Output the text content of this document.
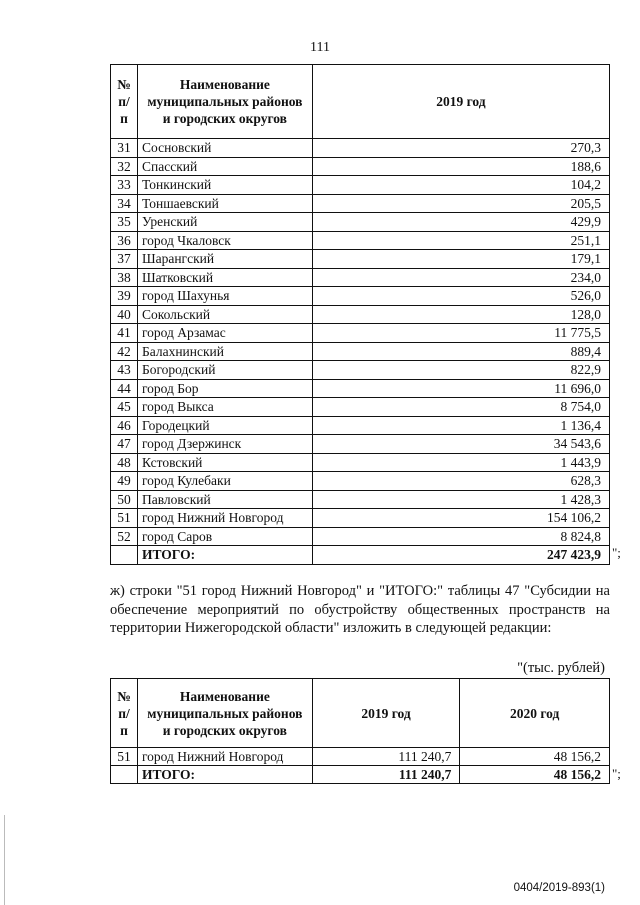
111
№ п/п	Наименование муниципальных районов и городских округов	2019 год
31	Сосновский	270,3
32	Спасский	188,6
33	Тонкинский	104,2
34	Тоншаевский	205,5
35	Уренский	429,9
36	город Чкаловск	251,1
37	Шарангский	179,1
38	Шатковский	234,0
39	город Шахунья	526,0
40	Сокольский	128,0
41	город Арзамас	11 775,5
42	Балахнинский	889,4
43	Богородский	822,9
44	город Бор	11 696,0
45	город Выкса	8 754,0
46	Городецкий	1 136,4
47	город Дзержинск	34 543,6
48	Кстовский	1 443,9
49	город Кулебаки	628,3
50	Павловский	1 428,3
51	город Нижний Новгород	154 106,2
52	город Саров	8 824,8
	ИТОГО:	247 423,9 ";
ж) строки "51 город Нижний Новгород" и "ИТОГО:" таблицы 47 "Субсидии на обеспечение мероприятий по обустройству общественных пространств на территории Нижегородской области" изложить в следующей редакции:
"(тыс. рублей)
№ п/п	Наименование муниципальных районов и городских округов	2019 год	2020 год
51	город Нижний Новгород	111 240,7	48 156,2
	ИТОГО:	111 240,7	48 156,2 ";
0404/2019-893(1)
